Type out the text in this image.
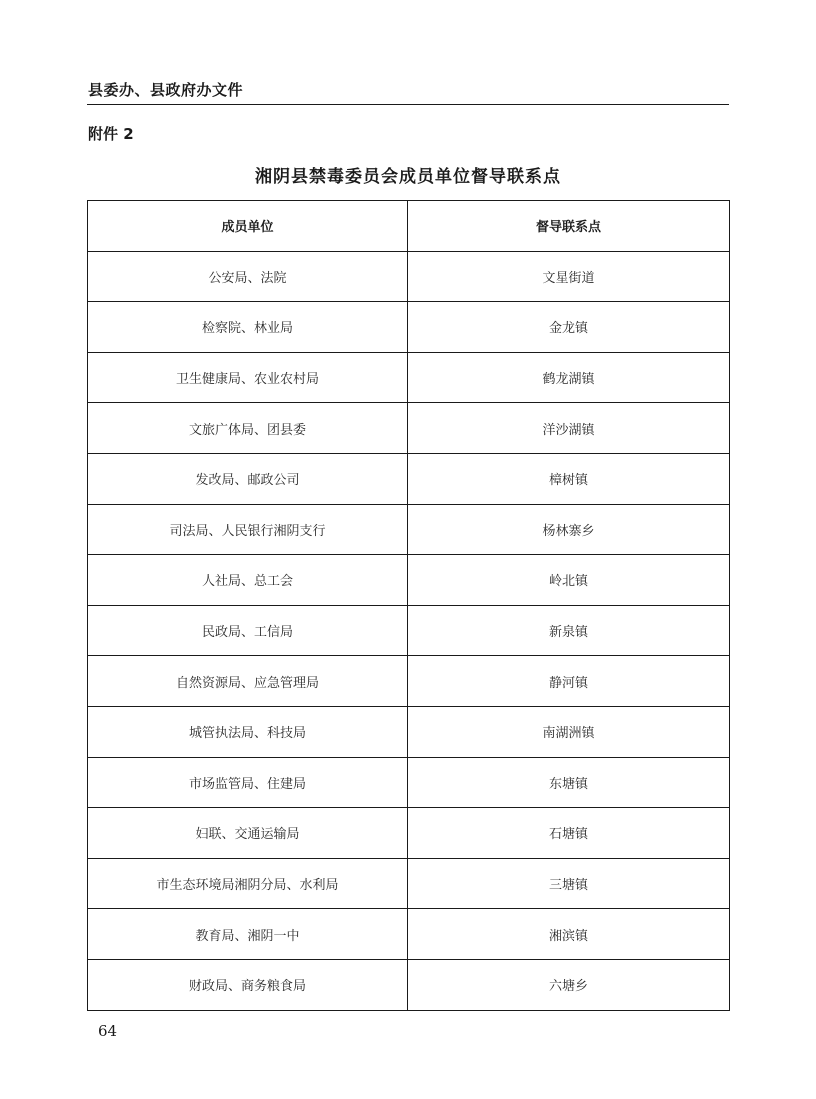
县委办、县政府办文件
附件 2
湘阴县禁毒委员会成员单位督导联系点
成员单位	督导联系点
公安局、法院	文星街道
检察院、林业局	金龙镇
卫生健康局、农业农村局	鹤龙湖镇
文旅广体局、团县委	洋沙湖镇
发改局、邮政公司	樟树镇
司法局、人民银行湘阴支行	杨林寨乡
人社局、总工会	岭北镇
民政局、工信局	新泉镇
自然资源局、应急管理局	静河镇
城管执法局、科技局	南湖洲镇
市场监管局、住建局	东塘镇
妇联、交通运输局	石塘镇
市生态环境局湘阴分局、水利局	三塘镇
教育局、湘阴一中	湘滨镇
财政局、商务粮食局	六塘乡
64
